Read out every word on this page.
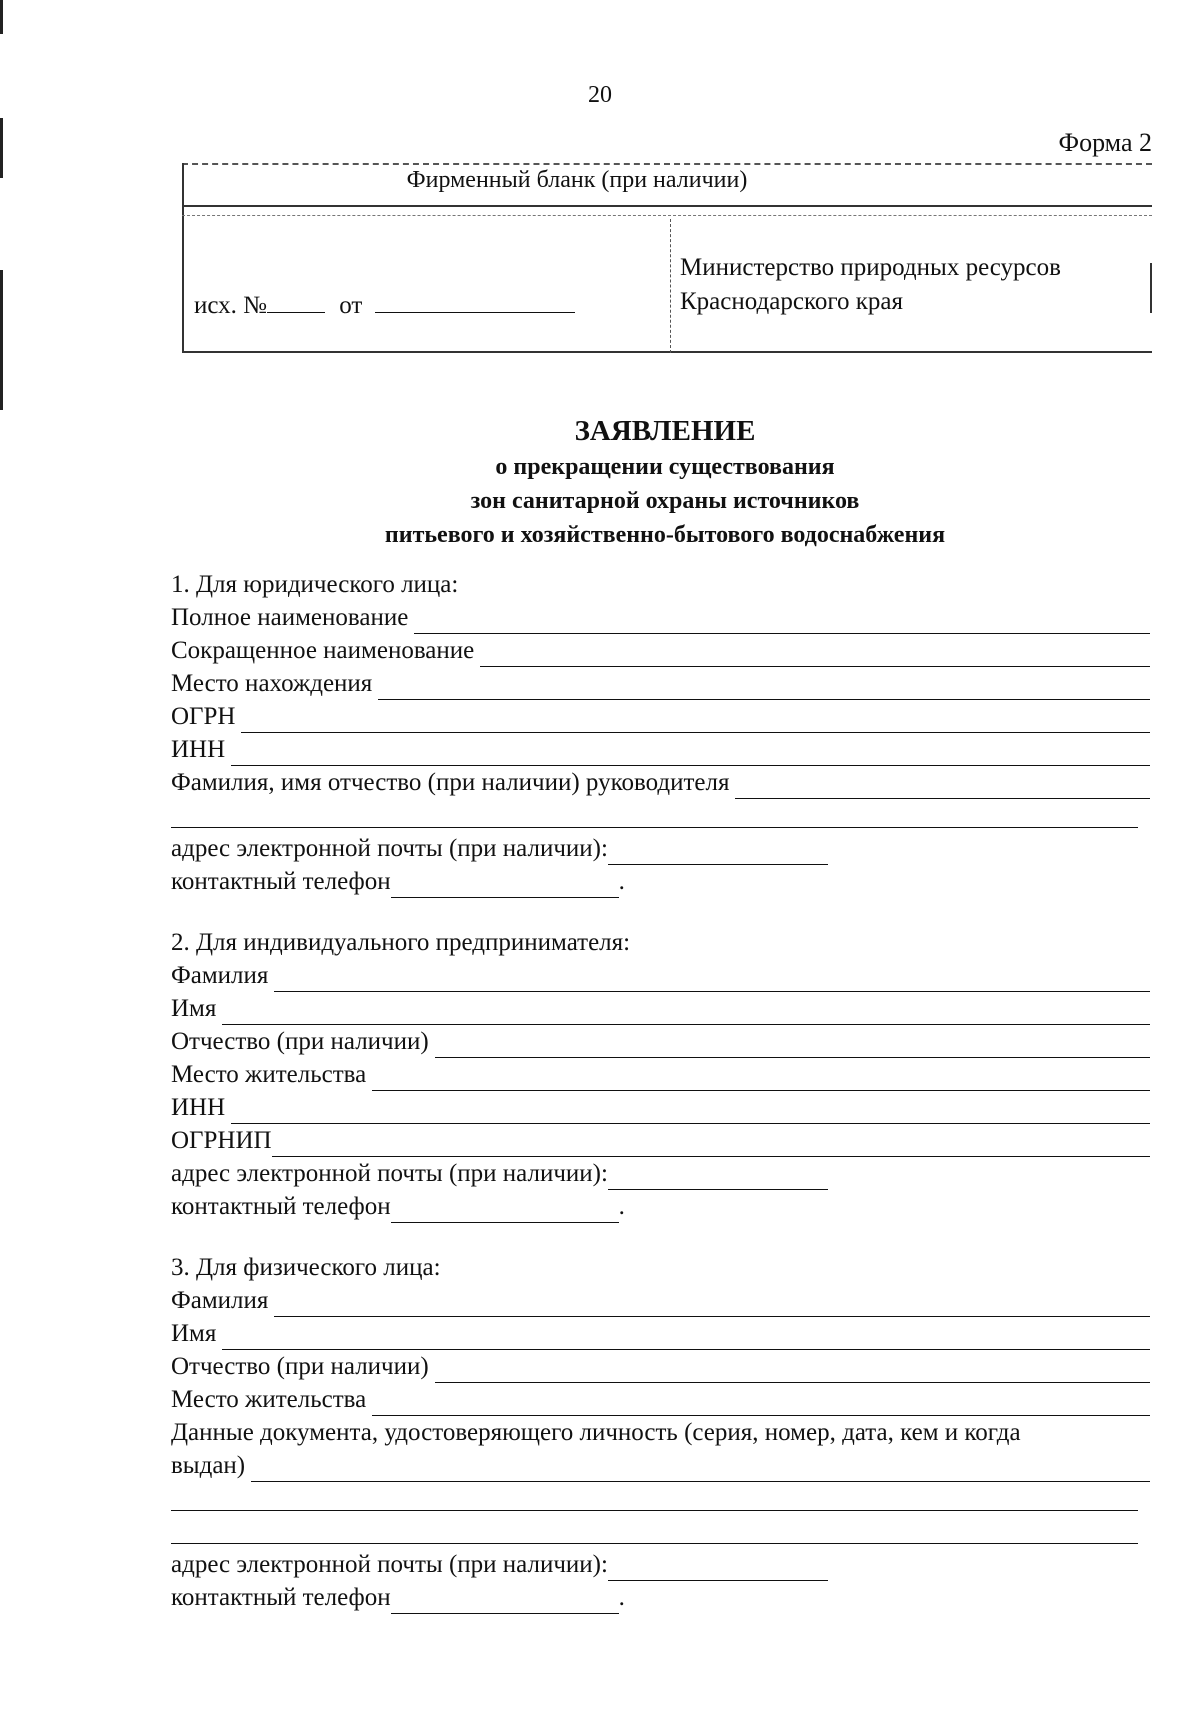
20
Форма 2
Фирменный бланк (при наличии)
исх. №	от
Министерство природных ресурсов
Краснодарского края
ЗАЯВЛЕНИЕ
о прекращении существования
зон санитарной охраны источников
питьевого и хозяйственно-бытового водоснабжения
1. Для юридического лица:
Полное наименование
Сокращенное наименование
Место нахождения
ОГРН
ИНН
Фамилия, имя отчество (при наличии) руководителя
адрес электронной почты (при наличии):
контактный телефон	.
2. Для индивидуального предпринимателя:
Фамилия
Имя
Отчество (при наличии)
Место жительства
ИНН
ОГРНИП
адрес электронной почты (при наличии):
контактный телефон	.
3. Для физического лица:
Фамилия
Имя
Отчество (при наличии)
Место жительства
Данные документа, удостоверяющего личность (серия, номер, дата, кем и когда
выдан)
адрес электронной почты (при наличии):
контактный телефон	.
